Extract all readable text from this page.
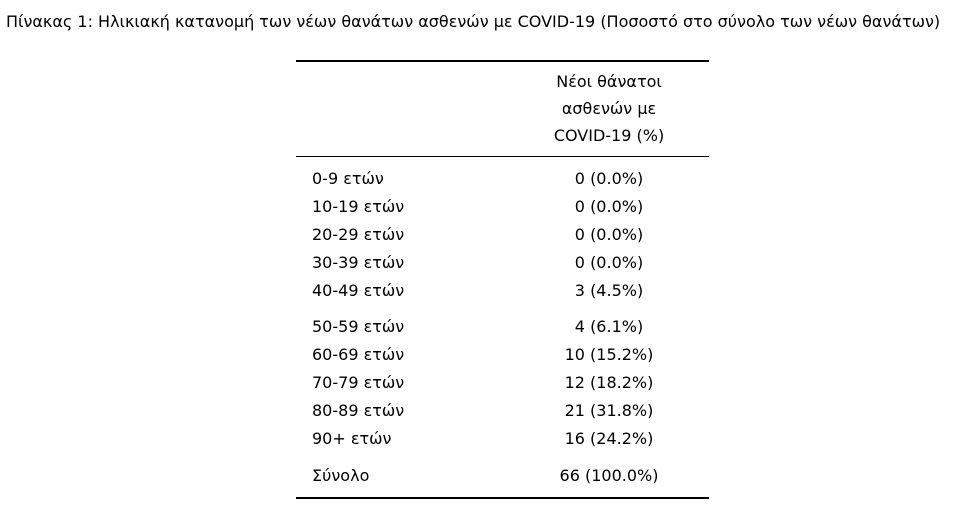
Πίνακας 1: Ηλικιακή κατανομή των νέων θανάτων ασθενών με COVID-19 (Ποσοστό στο σύνολο των νέων θανάτων)
Νέοι θάνατοι
ασθενών με
COVID-19 (%)
0-9 ετών	0 (0.0%)
10-19 ετών	0 (0.0%)
20-29 ετών	0 (0.0%)
30-39 ετών	0 (0.0%)
40-49 ετών	3 (4.5%)
50-59 ετών	4 (6.1%)
60-69 ετών	10 (15.2%)
70-79 ετών	12 (18.2%)
80-89 ετών	21 (31.8%)
90+ ετών	16 (24.2%)
Σύνολο	66 (100.0%)
